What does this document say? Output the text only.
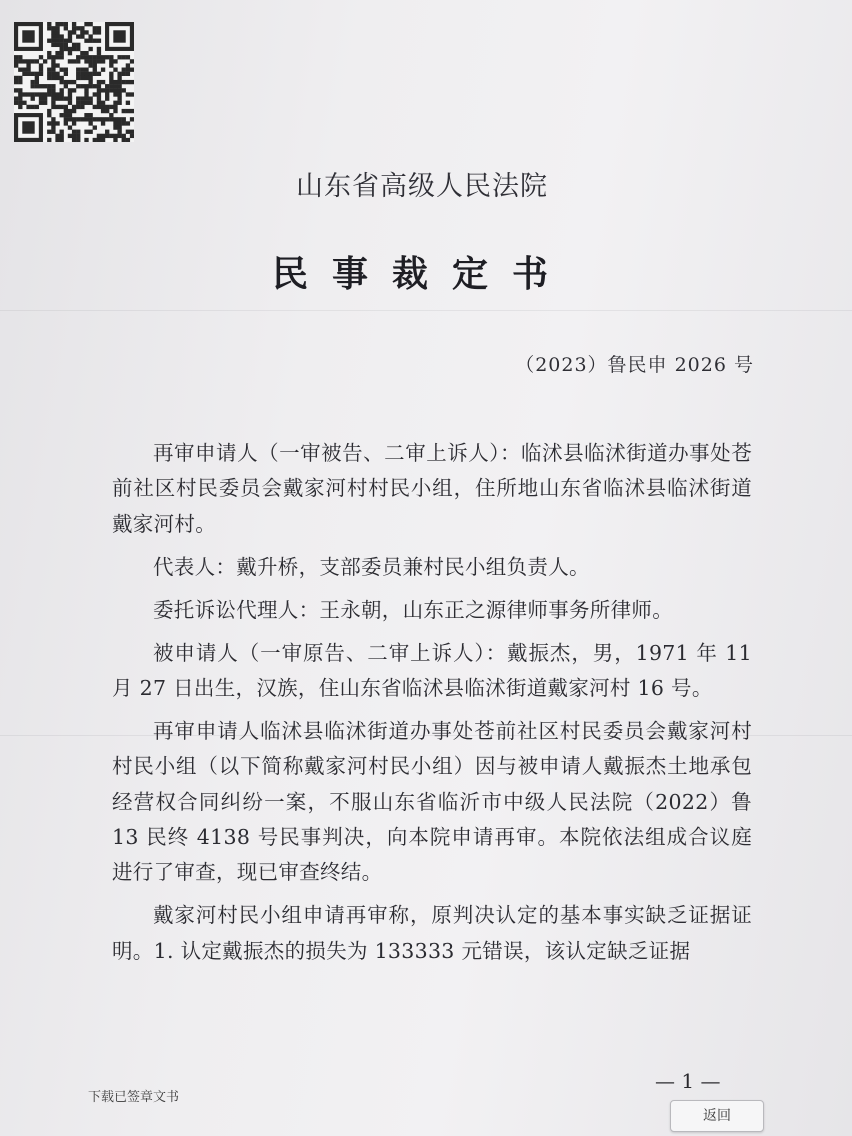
山东省高级人民法院
民事裁定书
（2023）鲁民申 2026 号

再审申请人（一审被告、二审上诉人）：临沭县临沭街道办事处苍前社区村民委员会戴家河村村民小组，住所地山东省临沭县临沭街道戴家河村。

代表人：戴升桥，支部委员兼村民小组负责人。

委托诉讼代理人：王永朝，山东正之源律师事务所律师。

被申请人（一审原告、二审上诉人）：戴振杰，男，1971 年 11 月 27 日出生，汉族，住山东省临沭县临沭街道戴家河村 16 号。

再审申请人临沭县临沭街道办事处苍前社区村民委员会戴家河村村民小组（以下简称戴家河村民小组）因与被申请人戴振杰土地承包经营权合同纠纷一案，不服山东省临沂市中级人民法院（2022）鲁 13 民终 4138 号民事判决，向本院申请再审。本院依法组成合议庭进行了审查，现已审查终结。

戴家河村民小组申请再审称，原判决认定的基本事实缺乏证据证明。1. 认定戴振杰的损失为 133333 元错误，该认定缺乏证据

下载已签章文书
— 1 —
返回
